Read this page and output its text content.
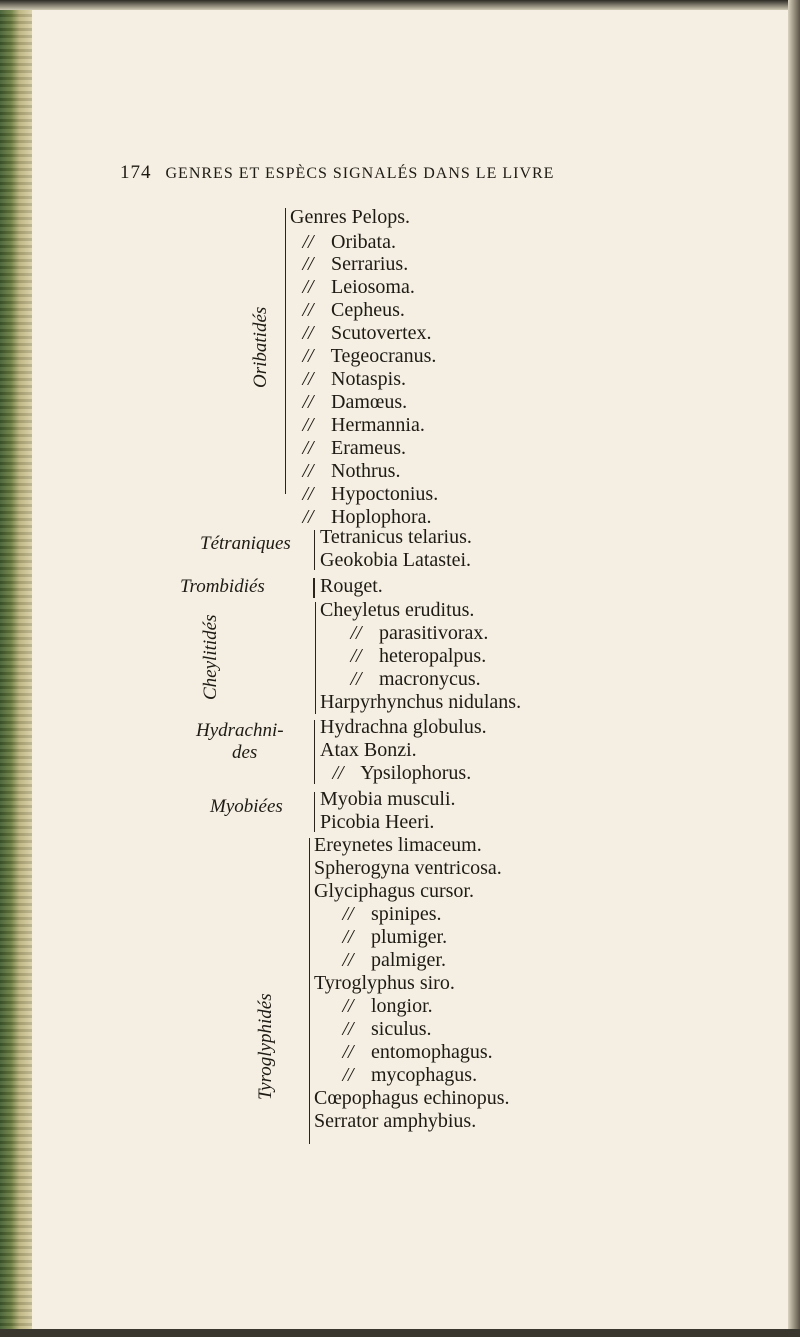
174 GENRES ET ESPÈCS SIGNALÉS DANS LE LIVRE
Oribatidés
Genres Pelops.
// Oribata.
// Serrarius.
// Leiosoma.
// Cepheus.
// Scutovertex.
// Tegeocranus.
// Notaspis.
// Damœus.
// Hermannia.
// Erameus.
// Nothrus.
// Hypoctonius.
// Hoplophora.
Tétraniques Tetranicus telarius.
Geokobia Latastei.
Trombidiés	Rouget.
Cheylitidés
Cheyletus eruditus.
// parasitivorax.
// heteropalpus.
// macronycus.
Harpyrhynchus nidulans.
Hydrachni-
des
Hydrachna globulus.
Atax Bonzi.
// Ypsilophorus.
Myobiées Myobia musculi.
Picobia Heeri.
Tyroglyphidés
Ereynetes limaceum.
Spherogyna ventricosa.
Glyciphagus cursor.
// spinipes.
// plumiger.
// palmiger.
Tyroglyphus siro.
// longior.
// siculus.
// entomophagus.
// mycophagus.
Cœpophagus echinopus.
Serrator amphybius.
